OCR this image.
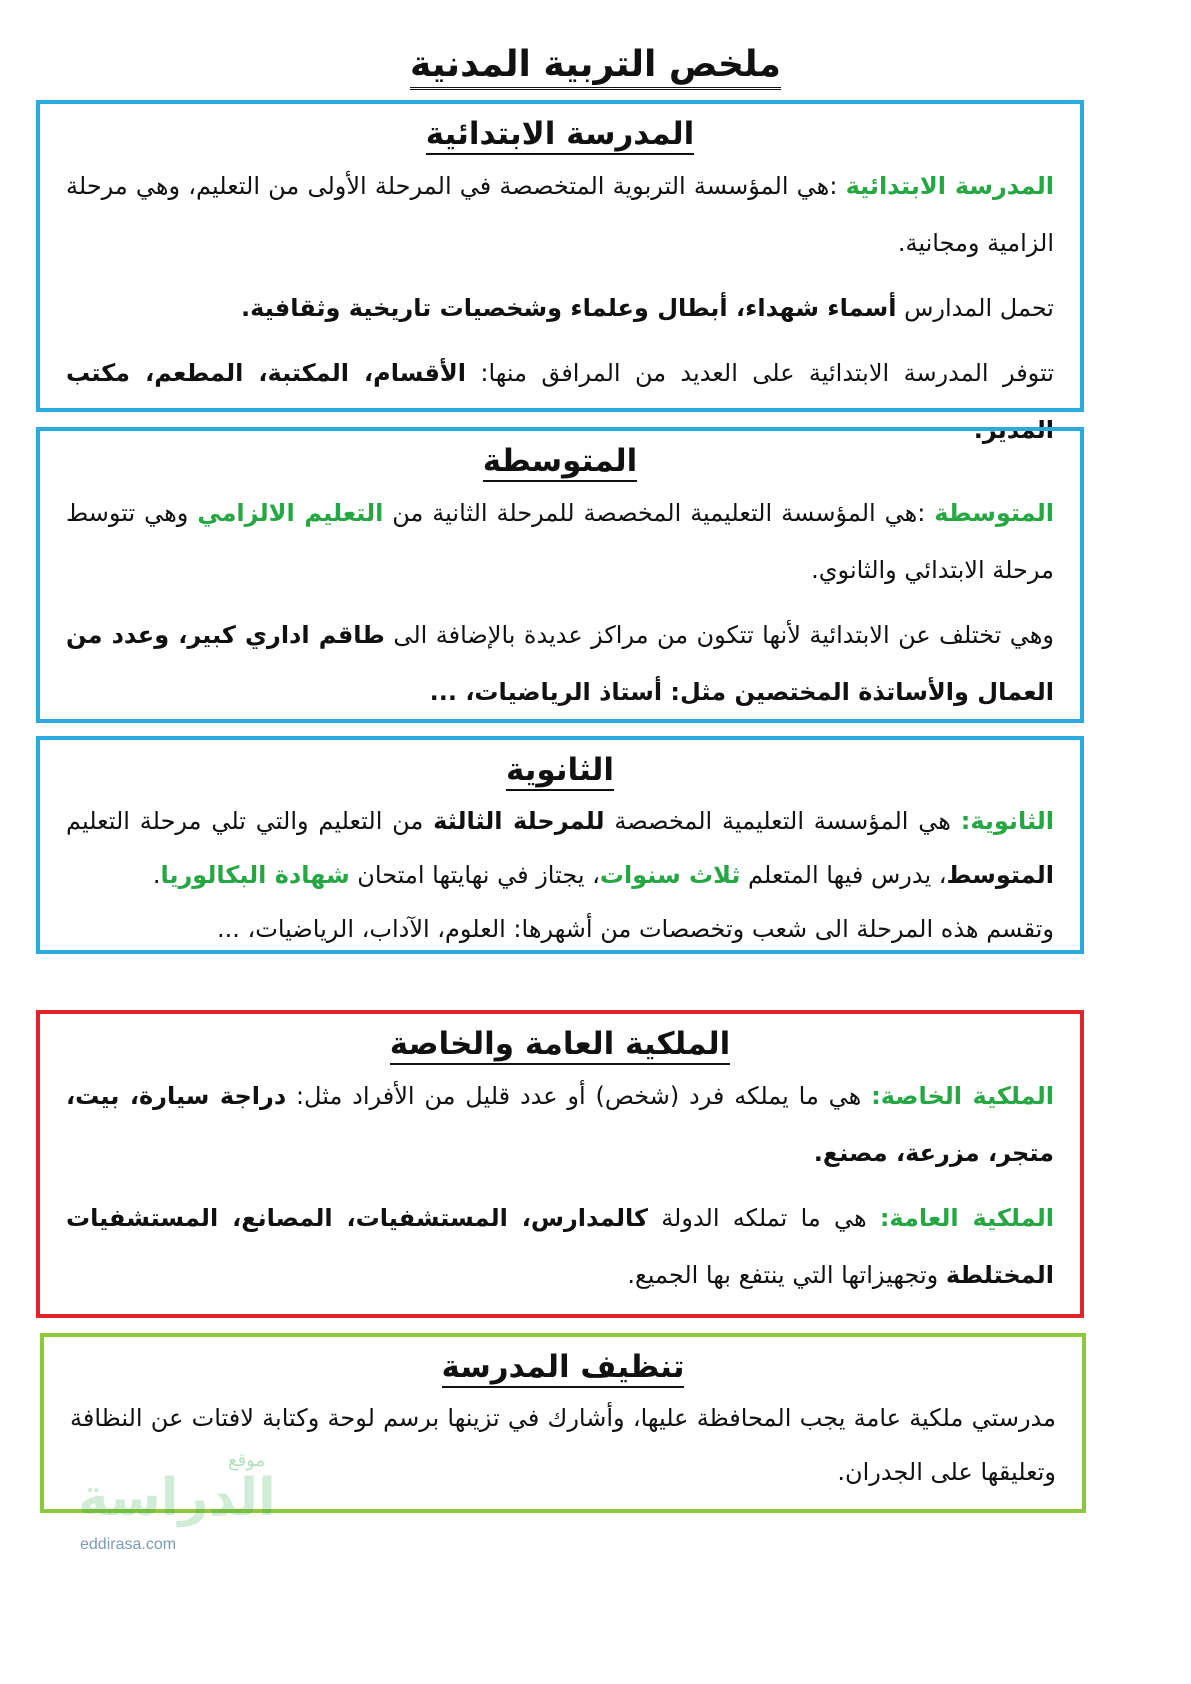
ملخص التربية المدنية
المدرسة الابتدائية

المدرسة الابتدائية :هي المؤسسة التربوية المتخصصة في المرحلة الأولى من التعليم، وهي مرحلة الزامية ومجانية.

تحمل المدارس أسماء شهداء، أبطال وعلماء وشخصيات تاريخية وثقافية.

تتوفر المدرسة الابتدائية على العديد من المرافق منها: الأقسام، المكتبة، المطعم، مكتب المدير.

المتوسطة

المتوسطة :هي المؤسسة التعليمية المخصصة للمرحلة الثانية من التعليم الالزامي وهي تتوسط مرحلة الابتدائي والثانوي.

وهي تختلف عن الابتدائية لأنها تتكون من مراكز عديدة بالإضافة الى طاقم اداري كبير، وعدد من العمال والأساتذة المختصين مثل: أستاذ الرياضيات، ...

الثانوية

الثانوية: هي المؤسسة التعليمية المخصصة للمرحلة الثالثة من التعليم والتي تلي مرحلة التعليم المتوسط، يدرس فيها المتعلم ثلاث سنوات، يجتاز في نهايتها امتحان شهادة البكالوريا.

وتقسم هذه المرحلة الى شعب وتخصصات من أشهرها: العلوم، الآداب، الرياضيات، ...

الملكية العامة والخاصة

الملكية الخاصة: هي ما يملكه فرد (شخص) أو عدد قليل من الأفراد مثل: دراجة سيارة، بيت، متجر، مزرعة، مصنع.

الملكية العامة: هي ما تملكه الدولة كالمدارس، المستشفيات، المصانع، المستشفيات المختلطة وتجهيزاتها التي ينتفع بها الجميع.

تنظيف المدرسة

مدرستي ملكية عامة يجب المحافظة عليها، وأشارك في تزينها برسم لوحة وكتابة لافتات عن النظافة وتعليقها على الجدران.

موقع
الدراسة
eddirasa.com
